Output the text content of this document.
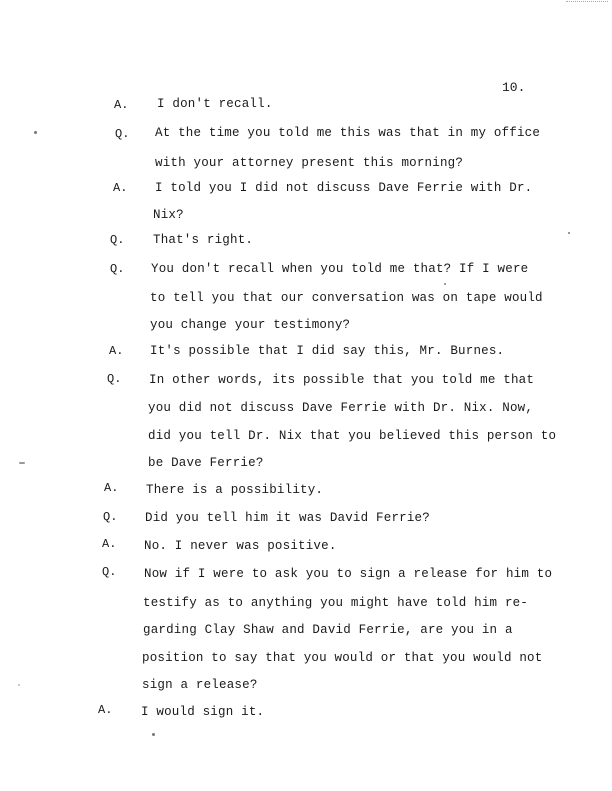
10.
A. I don't recall.
Q. At the time you told me this was that in my office
with your attorney present this morning?
A. I told you I did not discuss Dave Ferrie with Dr.
Nix?
Q. That's right.
Q. You don't recall when you told me that? If I were
to tell you that our conversation was on tape would
you change your testimony?
A. It's possible that I did say this, Mr. Burnes.
Q. In other words, its possible that you told me that
you did not discuss Dave Ferrie with Dr. Nix. Now,
did you tell Dr. Nix that you believed this person to
be Dave Ferrie?
A. There is a possibility.
Q. Did you tell him it was David Ferrie?
A. No. I never was positive.
Q. Now if I were to ask you to sign a release for him to
testify as to anything you might have told him re-
garding Clay Shaw and David Ferrie, are you in a
position to say that you would or that you would not
sign a release?
A. I would sign it.
